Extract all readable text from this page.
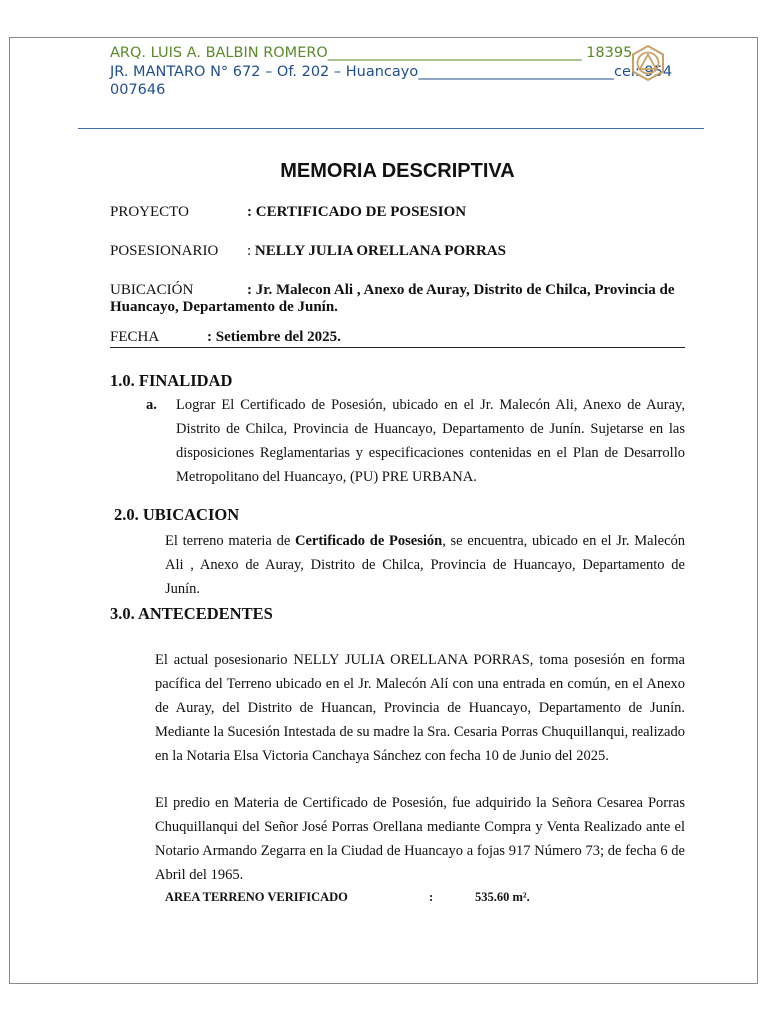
ARQ. LUIS A. BALBIN ROMERO___________________________________ 18395
JR. MANTARO N° 672 – Of. 202 – Huancayo___________________________cel: 954 007646
MEMORIA DESCRIPTIVA
PROYECTO	: CERTIFICADO DE POSESION
POSESIONARIO : NELLY JULIA ORELLANA PORRAS
UBICACIÓN	: Jr. Malecon Ali , Anexo de Auray, Distrito de Chilca, Provincia de Huancayo, Departamento de Junín.
FECHA	: Setiembre del 2025.
1.0. FINALIDAD
a. Lograr El Certificado de Posesión, ubicado en el Jr. Malecón Ali, Anexo de Auray, Distrito de Chilca, Provincia de Huancayo, Departamento de Junín. Sujetarse en las disposiciones Reglamentarias y especificaciones contenidas en el Plan de Desarrollo Metropolitano del Huancayo, (PU) PRE URBANA.

2.0. UBICACION

El terreno materia de Certificado de Posesión, se encuentra, ubicado en el Jr. Malecón Ali , Anexo de Auray, Distrito de Chilca, Provincia de Huancayo, Departamento de Junín.

3.0. ANTECEDENTES

El actual posesionario NELLY JULIA ORELLANA PORRAS, toma posesión en forma pacífica del Terreno ubicado en el Jr. Malecón Alí con una entrada en común, en el Anexo de Auray, del Distrito de Huancan, Provincia de Huancayo, Departamento de Junín. Mediante la Sucesión Intestada de su madre la Sra. Cesaria Porras Chuquillanqui, realizado en la Notaria Elsa Victoria Canchaya Sánchez con fecha 10 de Junio del 2025.

El predio en Materia de Certificado de Posesión, fue adquirido la Señora Cesarea Porras Chuquillanqui del Señor José Porras Orellana mediante Compra y Venta Realizado ante el Notario Armando Zegarra en la Ciudad de Huancayo a fojas 917 Número 73; de fecha 6 de Abril del 1965.

AREA TERRENO VERIFICADO	:	535.60 m².
